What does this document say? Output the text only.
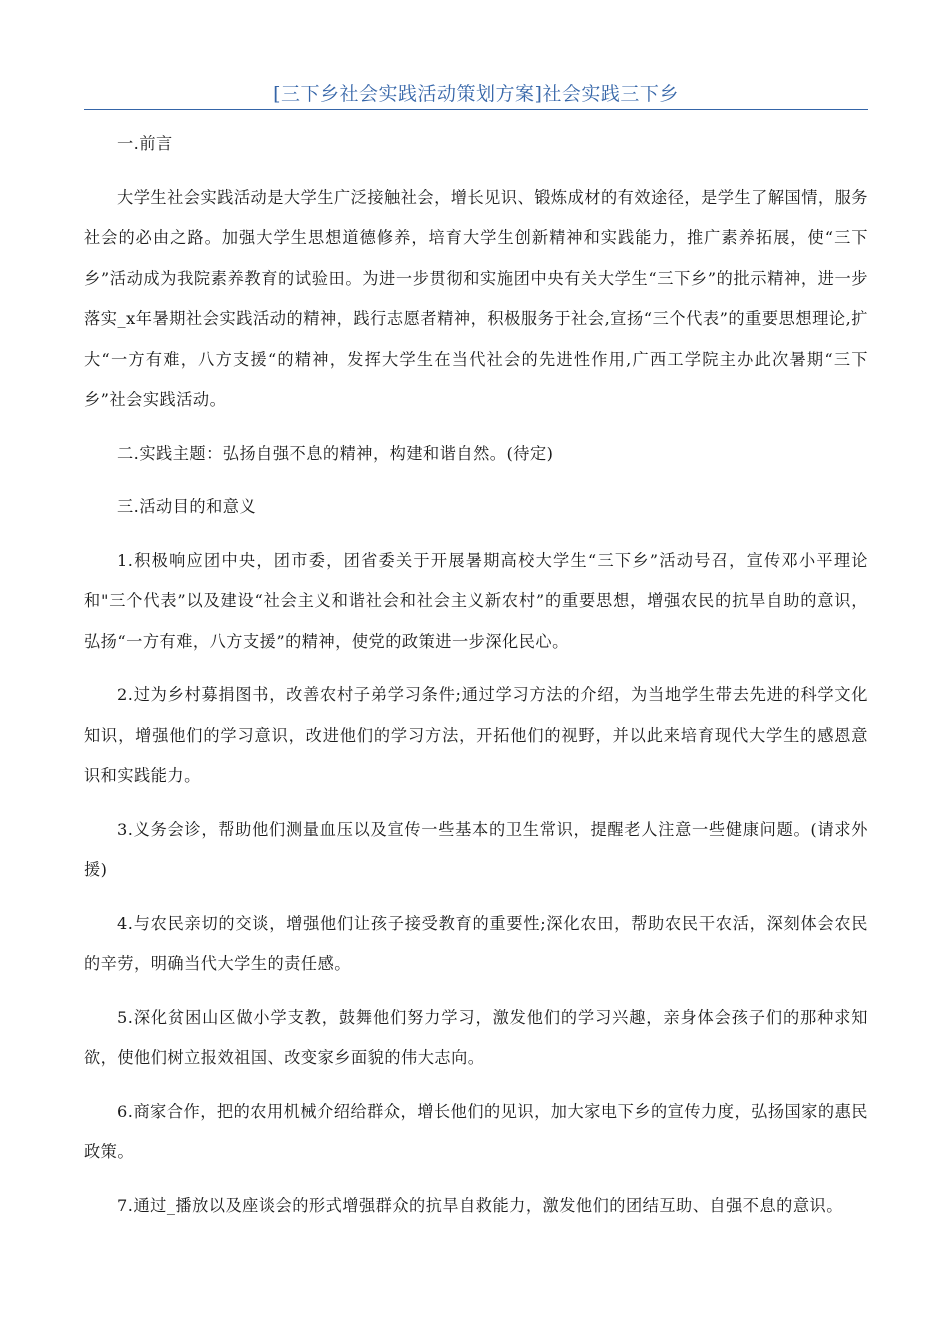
[三下乡社会实践活动策划方案]社会实践三下乡

一.前言

大学生社会实践活动是大学生广泛接触社会，增长见识、锻炼成材的有效途径，是学生了解国情，服务社会的必由之路。加强大学生思想道德修养，培育大学生创新精神和实践能力，推广素养拓展，使“三下乡”活动成为我院素养教育的试验田。为进一步贯彻和实施团中央有关大学生“三下乡”的批示精神，进一步落实_x年暑期社会实践活动的精神，践行志愿者精神，积极服务于社会,宣扬“三个代表”的重要思想理论,扩大“一方有难，八方支援“的精神，发挥大学生在当代社会的先进性作用,广西工学院主办此次暑期“三下乡”社会实践活动。

二.实践主题：弘扬自强不息的精神，构建和谐自然。(待定)

三.活动目的和意义

1.积极响应团中央，团市委，团省委关于开展暑期高校大学生“三下乡”活动号召，宣传邓小平理论和"三个代表”以及建设“社会主义和谐社会和社会主义新农村”的重要思想，增强农民的抗旱自助的意识，弘扬“一方有难，八方支援”的精神，使党的政策进一步深化民心。

2.过为乡村募捐图书，改善农村子弟学习条件;通过学习方法的介绍，为当地学生带去先进的科学文化知识，增强他们的学习意识，改进他们的学习方法，开拓他们的视野，并以此来培育现代大学生的感恩意识和实践能力。

3.义务会诊，帮助他们测量血压以及宣传一些基本的卫生常识，提醒老人注意一些健康问题。(请求外援)

4.与农民亲切的交谈，增强他们让孩子接受教育的重要性;深化农田，帮助农民干农活，深刻体会农民的辛劳，明确当代大学生的责任感。

5.深化贫困山区做小学支教，鼓舞他们努力学习，激发他们的学习兴趣，亲身体会孩子们的那种求知欲，使他们树立报效祖国、改变家乡面貌的伟大志向。

6.商家合作，把的农用机械介绍给群众，增长他们的见识，加大家电下乡的宣传力度，弘扬国家的惠民政策。

7.通过_播放以及座谈会的形式增强群众的抗旱自救能力，激发他们的团结互助、自强不息的意识。
